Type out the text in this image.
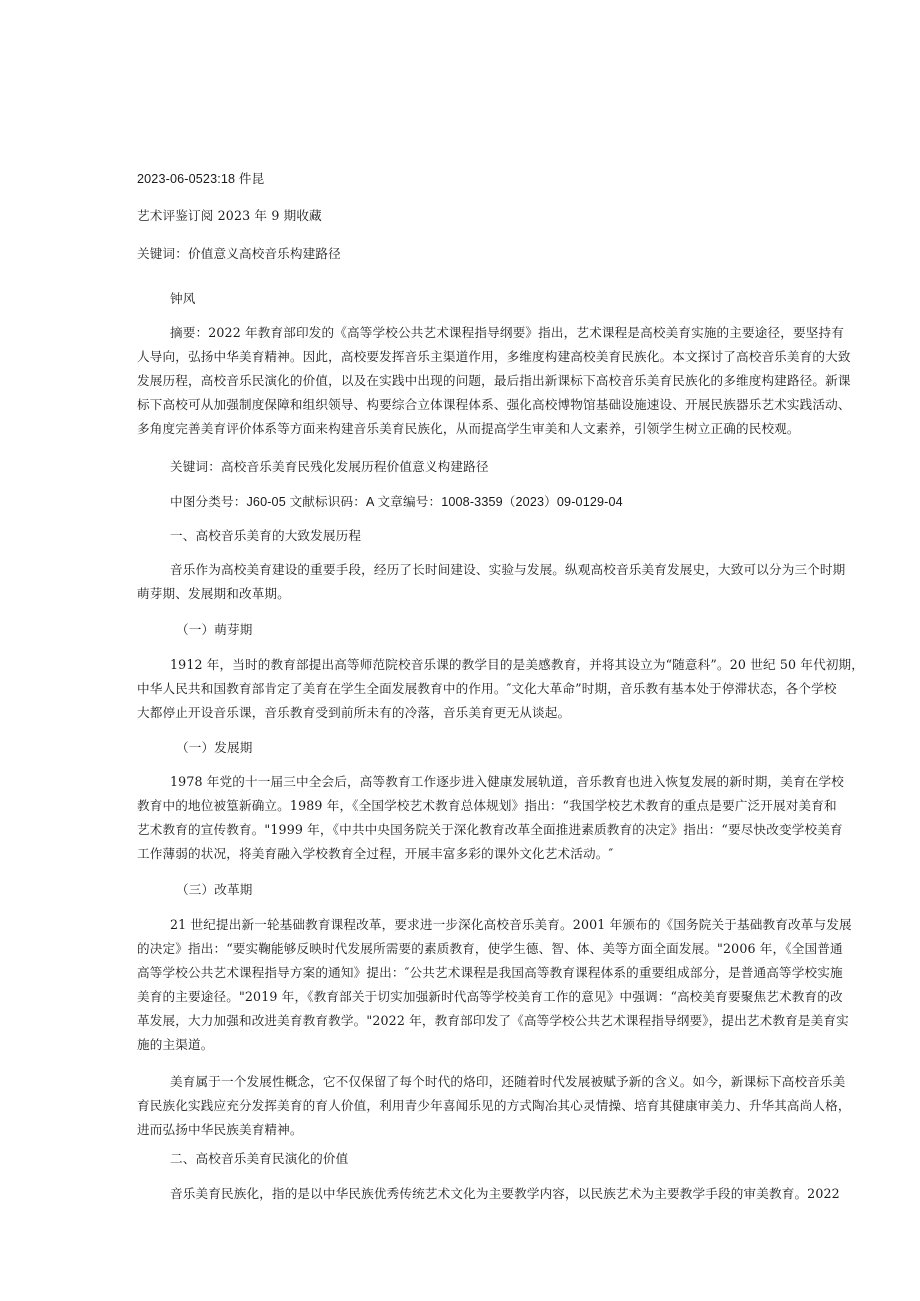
2023-06-0523:18 件昆
艺术评鉴订阅 2023 年 9 期收藏
关键词：价值意义高校音乐构建路径
钟风
摘要：2022 年教育部印发的《高等学校公共艺术课程指导纲要》指出，艺术课程是高校美育实施的主要途径，要坚持有
人导向，弘扬中华美育精神。因此，高校要发挥音乐主渠道作用，多维度构建高校美育民族化。本文探讨了高校音乐美育的大致
发展历程，高校音乐民演化的价值，以及在实践中出现的问题，最后指出新课标下高校音乐美育民族化的多维度构建路径。新课
标下高校可从加强制度保障和组织领导、构要综合立体课程体系、强化高校博物馆基础设施速设、开展民族器乐艺术实践活动、
多角度完善美育评价体系等方面来构建音乐美育民族化，从而提高学生审美和人文素养，引领学生树立正确的民校观。
关键词：高校音乐美育民残化发展历程价值意义构建路径
中图分类号：J60-05 文献标识码：A 文章编号：1008-3359（2023）09-0129-04
一、高校音乐美育的大致发展历程
音乐作为高校美育建设的重要手段，经历了长时间建设、实验与发展。纵观高校音乐美育发展史，大致可以分为三个时期
萌芽期、发展期和改革期。
（一）萌芽期
1912 年，当时的教育部提出高等师范院校音乐课的教学目的是美感教育，并将其设立为“随意科”。20 世纪 50 年代初期，
中华人民共和国教育部肯定了美育在学生全面发展教育中的作用。″文化大革命”时期，音乐教有基本处于停滞状态，各个学校
大都停止开设音乐课，音乐教育受到前所未有的冷落，音乐美育更无从谈起。
（一）发展期
1978 年党的十一届三中全会后，高等教育工作逐步进入健康发展轨道，音乐教育也进入恢复发展的新时期，美育在学校
教育中的地位被篁新确立。1989 年，《全国学校艺术教育总体规划》指出：“我国学校艺术教育的重点是要广泛开展对美育和
艺术教育的宣传教育。"1999 年，《中共中央国务院关于深化教育改革全面推进素质教育的决定》指出：“要尽快改变学校美育
工作薄弱的状况，将美育融入学校教育全过程，开展丰富多彩的课外文化艺术活动。″
（三）改革期
21 世纪提出新一轮基础教育课程改革，要求进一步深化高校音乐美育。2001 年颁布的《国务院关于基础教育改革与发展
的决定》指出：“要实鞠能够反映时代发展所需要的素质教育，使学生德、智、体、美等方面全面发展。"2006 年，《全国普通
高等学校公共艺术课程指导方案的通知》提出：″公共艺术课程是我国高等教育课程体系的重要组成部分，是普通高等学校实施
美育的主要途径。"2019 年，《教育部关于切实加强新时代高等学校美育工作的意见》中强调：“高校美育要聚焦艺术教育的改
革发展，大力加强和改进美育教育教学。"2022 年，教育部印发了《高等学校公共艺术课程指导纲要》，提出艺术教育是美育实
施的主渠道。
美育属于一个发展性概念，它不仅保留了每个时代的烙印，还随着时代发展被赋予新的含义。如今，新课标下高校音乐美
育民族化实践应充分发挥美育的育人价值，利用青少年喜闻乐见的方式陶冶其心灵情操、培育其健康审美力、升华其高尚人格，
进而弘扬中华民族美育精神。
二、高校音乐美育民演化的价值
音乐美育民族化，指的是以中华民族优秀传统艺术文化为主要教学内容，以民族艺术为主要教学手段的审美教育。2022
